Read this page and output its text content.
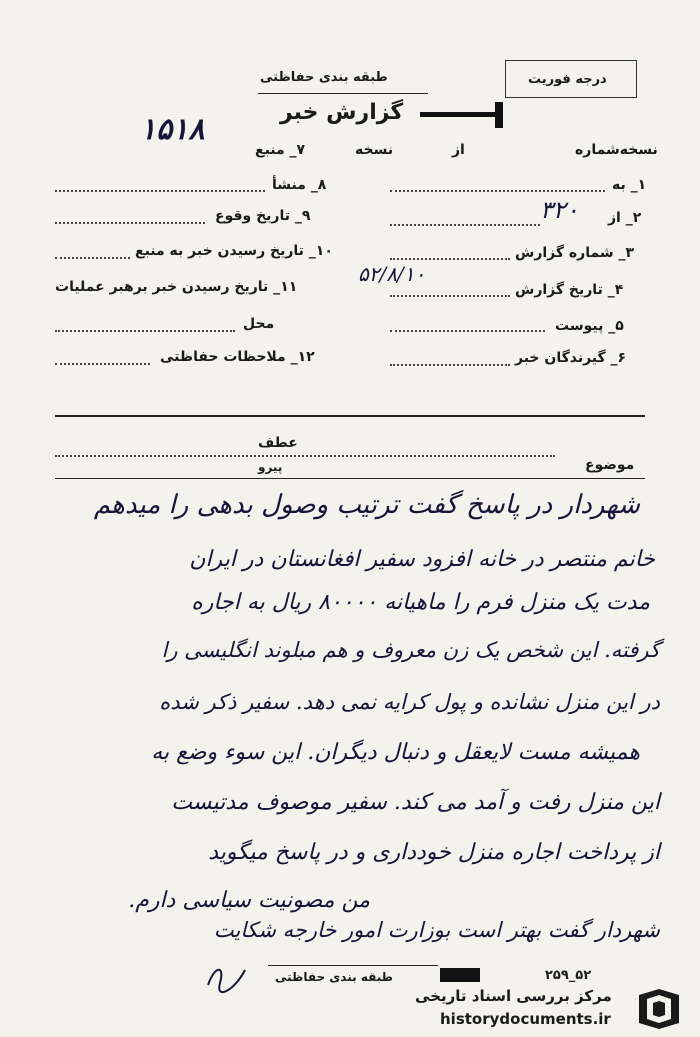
طبقه بندی حفاظتی	درجه فوریت
گزارش خبر
۱۵۱۸
نسخه‌شماره
از
نسخه
۱_ به
۲_ از
۳۲۰
۳_ شماره گزارش
۴_ تاریخ گزارش
۵۲/۸/۱۰
۵_ پیوست
۶_ گیرندگان خبر
۷_ منبع
۸_ منشأ
۹_ تاریخ وقوع
۱۰_ تاریخ رسیدن خبر به منبع
۱۱_ تاریخ رسیدن خبر برهبر عملیات
محل
۱۲_ ملاحظات حفاظتی
عطف
موضوع
پیرو
شهردار در پاسخ گفت ترتیب وصول بدهی را میدهم
خانم منتصر در خانه افزود سفیر افغانستان در ایران
مدت یک منزل فرم را ماهیانه ۸۰۰۰۰ ریال به اجاره
گرفته. این شخص یک زن معروف و هم مبلوند انگلیسی را
در این منزل نشانده و پول کرایه نمی دهد. سفیر ذکر شده
همیشه مست لایعقل و دنبال دیگران. این سوء وضع به
این منزل رفت و آمد می کند. سفیر موصوف مدتیست
از پرداخت اجاره منزل خودداری و در پاسخ میگوید
من مصونیت سیاسی دارم.
شهردار گفت بهتر است بوزارت امور خارجه شکایت
طبقه بندی حفاظتی	۲۵۹_۵۲
مرکز بررسی اسناد تاریخی
historydocuments.ir
